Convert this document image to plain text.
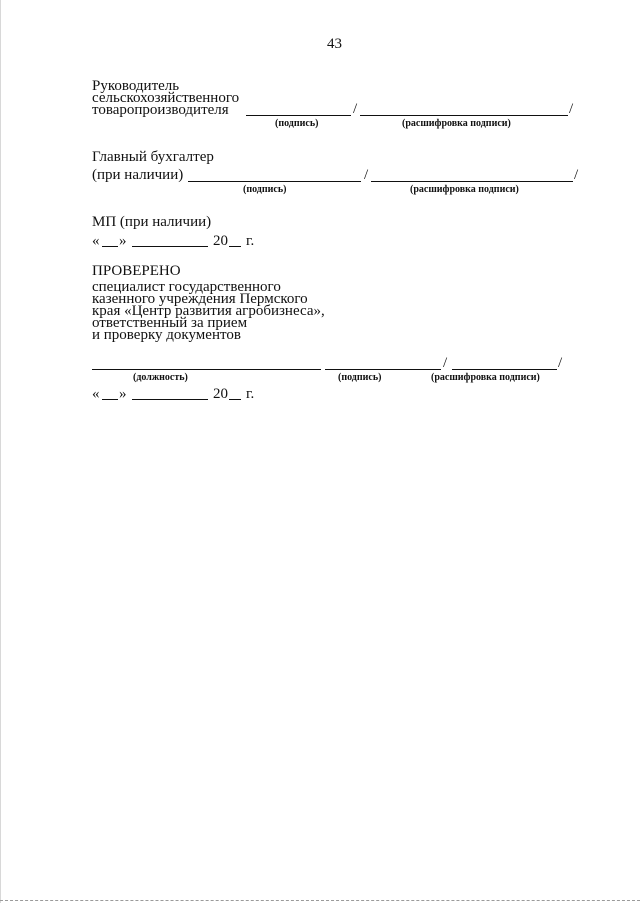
43
Руководитель
сельскохозяйственного
товаропроизводителя	/	/
(подпись)	(расшифровка подписи)
Главный бухгалтер
(при наличии)	/	/
(подпись)	(расшифровка подписи)
МП (при наличии)
« »	20 г.
ПРОВЕРЕНО
специалист государственного
казенного учреждения Пермского
края «Центр развития агробизнеса»,
ответственный за прием
и проверку документов
/	/
(должность)	(подпись)	(расшифровка подписи)
« »	20 г.
